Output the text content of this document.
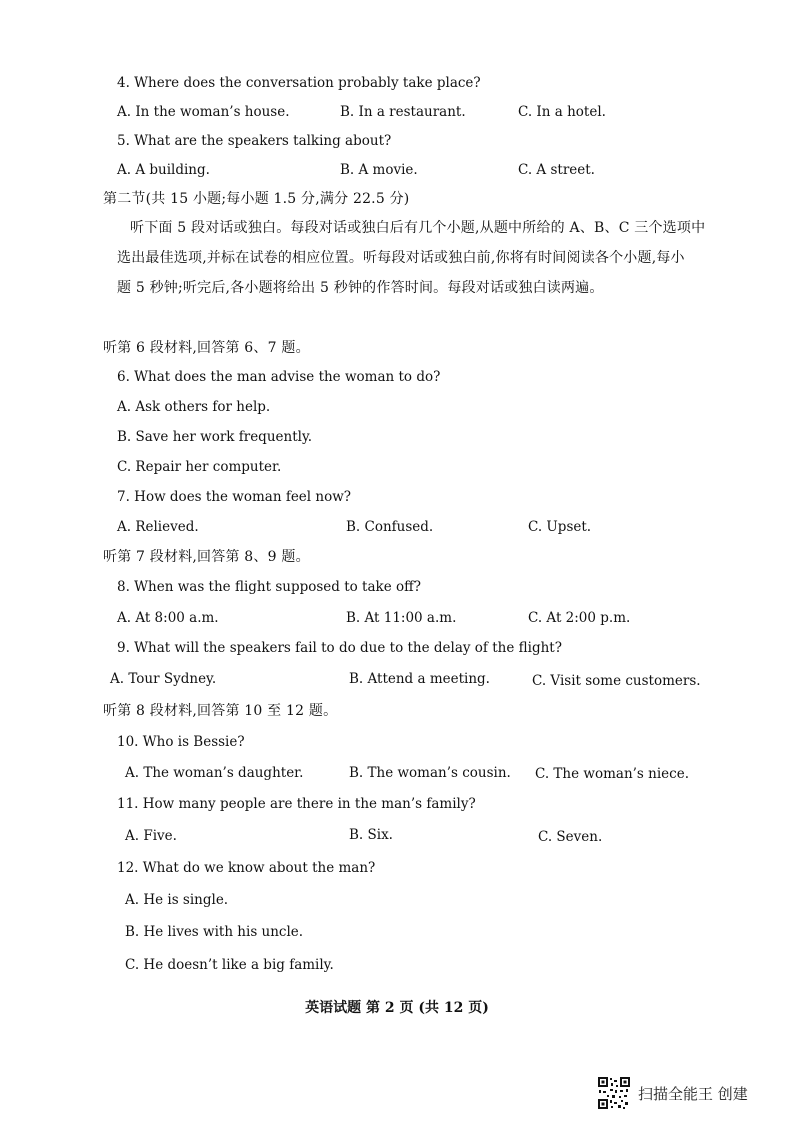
4. Where does the conversation probably take place?
A. In the woman’s house.	B. In a restaurant.	C. In a hotel.
5. What are the speakers talking about?
A. A building.	B. A movie.	C. A street.
第二节(共 15 小题;每小题 1.5 分,满分 22.5 分)
听下面 5 段对话或独白。每段对话或独白后有几个小题,从题中所给的 A、B、C 三个选项中
选出最佳选项,并标在试卷的相应位置。听每段对话或独白前,你将有时间阅读各个小题,每小
题 5 秒钟;听完后,各小题将给出 5 秒钟的作答时间。每段对话或独白读两遍。
听第 6 段材料,回答第 6、7 题。
6. What does the man advise the woman to do?
A. Ask others for help.
B. Save her work frequently.
C. Repair her computer.
7. How does the woman feel now?
A. Relieved.	B. Confused.	C. Upset.
听第 7 段材料,回答第 8、9 题。
8. When was the flight supposed to take off?
A. At 8:00 a.m.	B. At 11:00 a.m.	C. At 2:00 p.m.
9. What will the speakers fail to do due to the delay of the flight?
A. Tour Sydney.	B. Attend a meeting.	C. Visit some customers.
听第 8 段材料,回答第 10 至 12 题。
10. Who is Bessie?
A. The woman’s daughter.	B. The woman’s cousin. C. The woman’s niece.
11. How many people are there in the man’s family?
A. Five.	B. Six.	C. Seven.
12. What do we know about the man?
A. He is single.
B. He lives with his uncle.
C. He doesn’t like a big family.
英语试题 第 2 页 (共 12 页)
扫描全能王 创建
